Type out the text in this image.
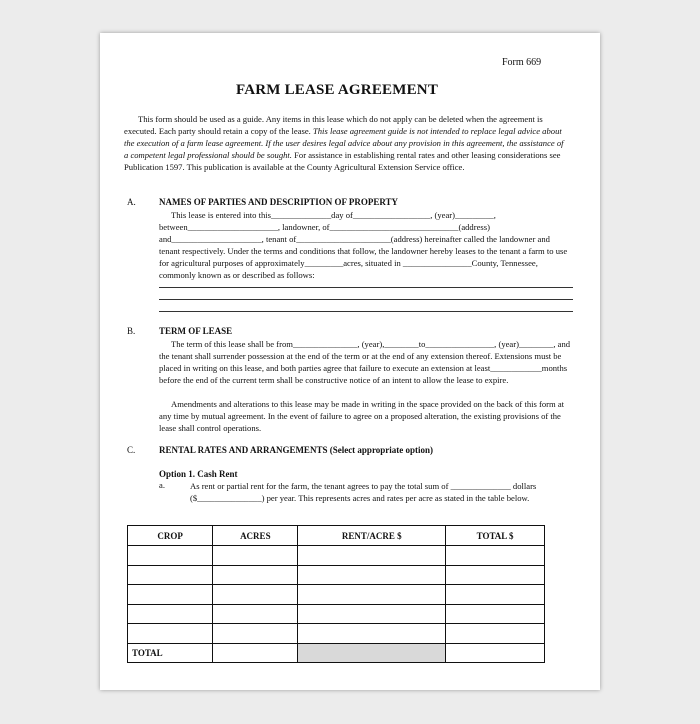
Form 669
FARM LEASE AGREEMENT
This form should be used as a guide. Any items in this lease which do not apply can be deleted when the agreement is executed. Each party should retain a copy of the lease. This lease agreement guide is not intended to replace legal advice about the execution of a farm lease agreement. If the user desires legal advice about any provision in this agreement, the assistance of a competent legal professional should be sought. For assistance in establishing rental rates and other leasing considerations see Publication 1597. This publication is available at the County Agricultural Extension Service office.
A.	NAMES OF PARTIES AND DESCRIPTION OF PROPERTY
This lease is entered into this______________day of__________________, (year)_________, between_____________________, landowner, of______________________________(address) and_____________________, tenant of______________________(address) hereinafter called the landowner and tenant respectively. Under the terms and conditions that follow, the landowner hereby leases to the tenant a farm to use for agricultural purposes of approximately_________acres, situated in ________________County, Tennessee, commonly known as or described as follows:
B.	TERM OF LEASE
The term of this lease shall be from_______________, (year),________to________________, (year)________, and the tenant shall surrender possession at the end of the term or at the end of any extension thereof. Extensions must be placed in writing on this lease, and both parties agree that failure to execute an extension at least____________months before the end of the current term shall be constructive notice of an intent to allow the lease to expire.
Amendments and alterations to this lease may be made in writing in the space provided on the back of this form at any time by mutual agreement. In the event of failure to agree on a proposed alteration, the existing provisions of the lease shall control operations.
C.	RENTAL RATES AND ARRANGEMENTS (Select appropriate option)
Option 1. Cash Rent
a.	As rent or partial rent for the farm, the tenant agrees to pay the total sum of ______________ dollars ($_______________) per year. This represents acres and rates per acre as stated in the table below.
CROP	ACRES	RENT/ACRE $	TOTAL $

TOTAL			
